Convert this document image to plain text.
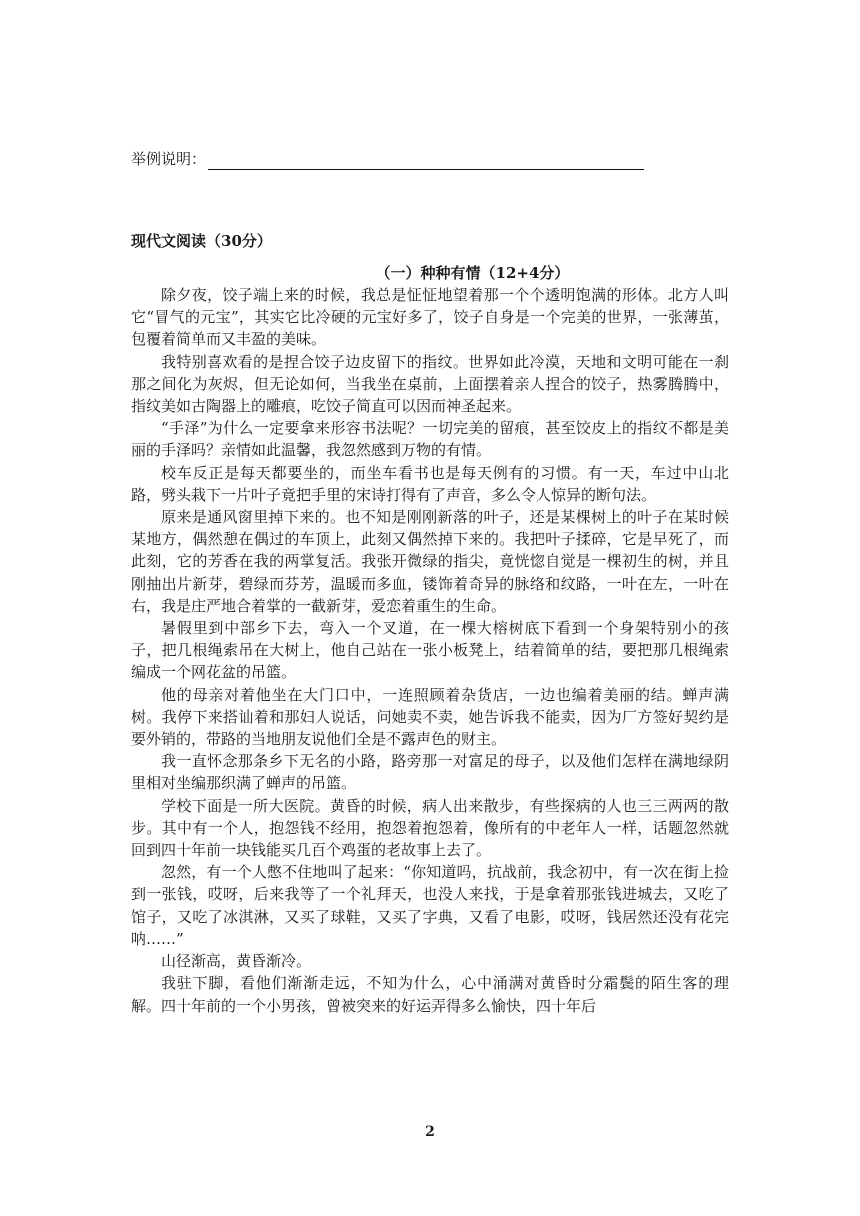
举例说明：
现代文阅读（30分）
（一）种种有情（12+4分）

除夕夜，饺子端上来的时候，我总是怔怔地望着那一个个透明饱满的形体。北方人叫它“冒气的元宝”，其实它比冷硬的元宝好多了，饺子自身是一个完美的世界，一张薄茧，包覆着简单而又丰盈的美味。

我特别喜欢看的是捏合饺子边皮留下的指纹。世界如此冷漠，天地和文明可能在一刹那之间化为灰烬，但无论如何，当我坐在桌前，上面摆着亲人捏合的饺子，热雾腾腾中，指纹美如古陶器上的雕痕，吃饺子简直可以因而神圣起来。

“手泽”为什么一定要拿来形容书法呢？一切完美的留痕，甚至饺皮上的指纹不都是美丽的手泽吗？亲情如此温馨，我忽然感到万物的有情。

校车反正是每天都要坐的，而坐车看书也是每天例有的习惯。有一天，车过中山北路，劈头栽下一片叶子竟把手里的宋诗打得有了声音，多么令人惊异的断句法。

原来是通风窗里掉下来的。也不知是刚刚新落的叶子，还是某棵树上的叶子在某时候某地方，偶然憩在偶过的车顶上，此刻又偶然掉下来的。我把叶子揉碎，它是早死了，而此刻，它的芳香在我的两掌复活。我张开微绿的指尖，竟恍惚自觉是一棵初生的树，并且刚抽出片新芽，碧绿而芬芳，温暖而多血，镂饰着奇异的脉络和纹路，一叶在左，一叶在右，我是庄严地合着掌的一截新芽，爱恋着重生的生命。

暑假里到中部乡下去，弯入一个叉道，在一棵大榕树底下看到一个身架特别小的孩子，把几根绳索吊在大树上，他自己站在一张小板凳上，结着简单的结，要把那几根绳索编成一个网花盆的吊篮。

他的母亲对着他坐在大门口中，一连照顾着杂货店，一边也编着美丽的结。蝉声满树。我停下来搭讪着和那妇人说话，问她卖不卖，她告诉我不能卖，因为厂方签好契约是要外销的，带路的当地朋友说他们全是不露声色的财主。

我一直怀念那条乡下无名的小路，路旁那一对富足的母子，以及他们怎样在满地绿阴里相对坐编那织满了蝉声的吊篮。

学校下面是一所大医院。黄昏的时候，病人出来散步，有些探病的人也三三两两的散步。其中有一个人，抱怨钱不经用，抱怨着抱怨着，像所有的中老年人一样，话题忽然就回到四十年前一块钱能买几百个鸡蛋的老故事上去了。

忽然，有一个人憋不住地叫了起来：“你知道吗，抗战前，我念初中，有一次在街上捡到一张钱，哎呀，后来我等了一个礼拜天，也没人来找，于是拿着那张钱进城去，又吃了馆子，又吃了冰淇淋，又买了球鞋，又买了字典，又看了电影，哎呀，钱居然还没有花完呐……”

山径渐高，黄昏渐冷。

我驻下脚，看他们渐渐走远，不知为什么，心中涌满对黄昏时分霜鬓的陌生客的理解。四十年前的一个小男孩，曾被突来的好运弄得多么愉快，四十年后

2
